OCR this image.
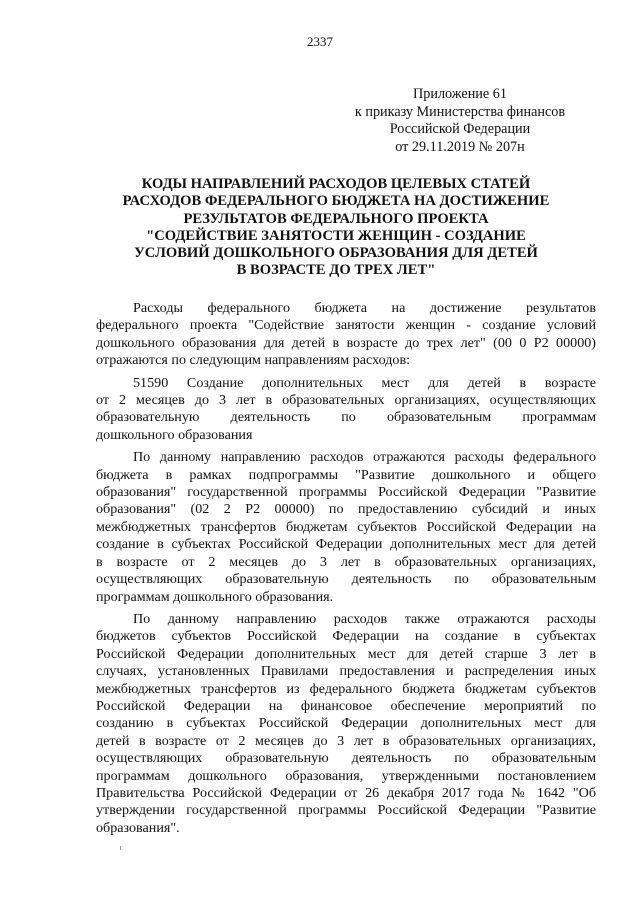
2337
Приложение 61
к приказу Министерства финансов
Российской Федерации
от 29.11.2019 № 207н
КОДЫ НАПРАВЛЕНИЙ РАСХОДОВ ЦЕЛЕВЫХ СТАТЕЙ
РАСХОДОВ ФЕДЕРАЛЬНОГО БЮДЖЕТА НА ДОСТИЖЕНИЕ
РЕЗУЛЬТАТОВ ФЕДЕРАЛЬНОГО ПРОЕКТА
"СОДЕЙСТВИЕ ЗАНЯТОСТИ ЖЕНЩИН - СОЗДАНИЕ
УСЛОВИЙ ДОШКОЛЬНОГО ОБРАЗОВАНИЯ ДЛЯ ДЕТЕЙ
В ВОЗРАСТЕ ДО ТРЕХ ЛЕТ"
Расходы федерального бюджета на достижение результатов
федерального проекта "Содействие занятости женщин - создание условий
дошкольного образования для детей в возрасте до трех лет" (00 0 P2 00000)
отражаются по следующим направлениям расходов:
51590 Создание дополнительных мест для детей в возрасте
от 2 месяцев до 3 лет в образовательных организациях, осуществляющих
образовательную деятельность по образовательным программам
дошкольного образования
По данному направлению расходов отражаются расходы федерального
бюджета в рамках подпрограммы "Развитие дошкольного и общего
образования" государственной программы Российской Федерации "Развитие
образования" (02 2 P2 00000) по предоставлению субсидий и иных
межбюджетных трансфертов бюджетам субъектов Российской Федерации на
создание в субъектах Российской Федерации дополнительных мест для детей
в возрасте от 2 месяцев до 3 лет в образовательных организациях,
осуществляющих образовательную деятельность по образовательным
программам дошкольного образования.
По данному направлению расходов также отражаются расходы
бюджетов субъектов Российской Федерации на создание в субъектах
Российской Федерации дополнительных мест для детей старше 3 лет в
случаях, установленных Правилами предоставления и распределения иных
межбюджетных трансфертов из федерального бюджета бюджетам субъектов
Российской Федерации на финансовое обеспечение мероприятий по
созданию в субъектах Российской Федерации дополнительных мест для
детей в возрасте от 2 месяцев до 3 лет в образовательных организациях,
осуществляющих образовательную деятельность по образовательным
программам дошкольного образования, утвержденными постановлением
Правительства Российской Федерации от 26 декабря 2017 года № 1642 "Об
утверждении государственной программы Российской Федерации "Развитие
образования".
